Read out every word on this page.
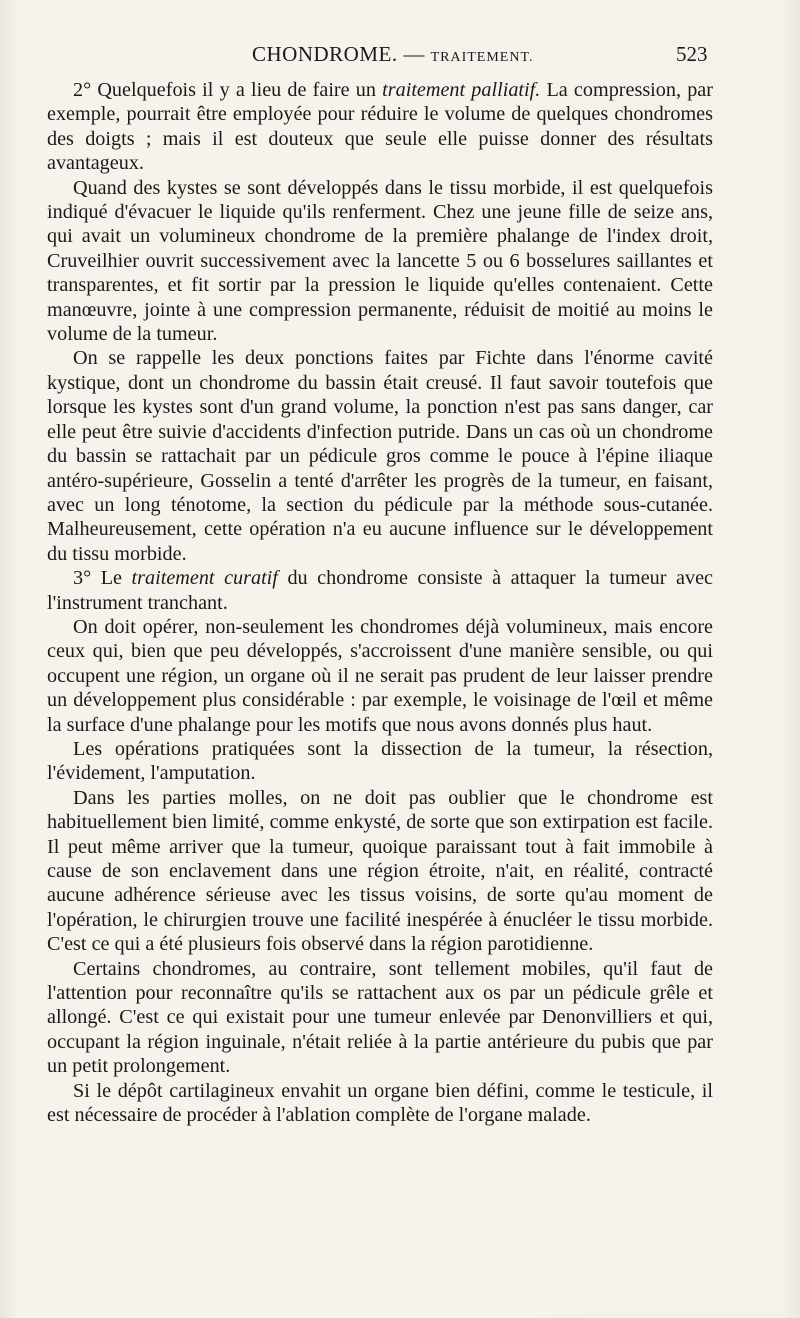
CHONDROME. — TRAITEMENT.	523

2° Quelquefois il y a lieu de faire un traitement palliatif. La compression, par exemple, pourrait être employée pour réduire le volume de quelques chondromes des doigts ; mais il est douteux que seule elle puisse donner des résultats avantageux.

Quand des kystes se sont développés dans le tissu morbide, il est quelquefois indiqué d'évacuer le liquide qu'ils renferment. Chez une jeune fille de seize ans, qui avait un volumineux chondrome de la première phalange de l'index droit, Cruveilhier ouvrit successivement avec la lancette 5 ou 6 bosselures saillantes et transparentes, et fit sortir par la pression le liquide qu'elles contenaient. Cette manœuvre, jointe à une compression permanente, réduisit de moitié au moins le volume de la tumeur.

On se rappelle les deux ponctions faites par Fichte dans l'énorme cavité kystique, dont un chondrome du bassin était creusé. Il faut savoir toutefois que lorsque les kystes sont d'un grand volume, la ponction n'est pas sans danger, car elle peut être suivie d'accidents d'infection putride. Dans un cas où un chondrome du bassin se rattachait par un pédicule gros comme le pouce à l'épine iliaque antéro-supérieure, Gosselin a tenté d'arrêter les progrès de la tumeur, en faisant, avec un long ténotome, la section du pédicule par la méthode sous-cutanée. Malheureusement, cette opération n'a eu aucune influence sur le développement du tissu morbide.

3° Le traitement curatif du chondrome consiste à attaquer la tumeur avec l'instrument tranchant.

On doit opérer, non-seulement les chondromes déjà volumineux, mais encore ceux qui, bien que peu développés, s'accroissent d'une manière sensible, ou qui occupent une région, un organe où il ne serait pas prudent de leur laisser prendre un développement plus considérable : par exemple, le voisinage de l'œil et même la surface d'une phalange pour les motifs que nous avons donnés plus haut.

Les opérations pratiquées sont la dissection de la tumeur, la résection, l'évidement, l'amputation.

Dans les parties molles, on ne doit pas oublier que le chondrome est habituellement bien limité, comme enkysté, de sorte que son extirpation est facile. Il peut même arriver que la tumeur, quoique paraissant tout à fait immobile à cause de son enclavement dans une région étroite, n'ait, en réalité, contracté aucune adhérence sérieuse avec les tissus voisins, de sorte qu'au moment de l'opération, le chirurgien trouve une facilité inespérée à énucléer le tissu morbide. C'est ce qui a été plusieurs fois observé dans la région parotidienne.

Certains chondromes, au contraire, sont tellement mobiles, qu'il faut de l'attention pour reconnaître qu'ils se rattachent aux os par un pédicule grêle et allongé. C'est ce qui existait pour une tumeur enlevée par Denonvilliers et qui, occupant la région inguinale, n'était reliée à la partie antérieure du pubis que par un petit prolongement.

Si le dépôt cartilagineux envahit un organe bien défini, comme le testicule, il est nécessaire de procéder à l'ablation complète de l'organe malade.
